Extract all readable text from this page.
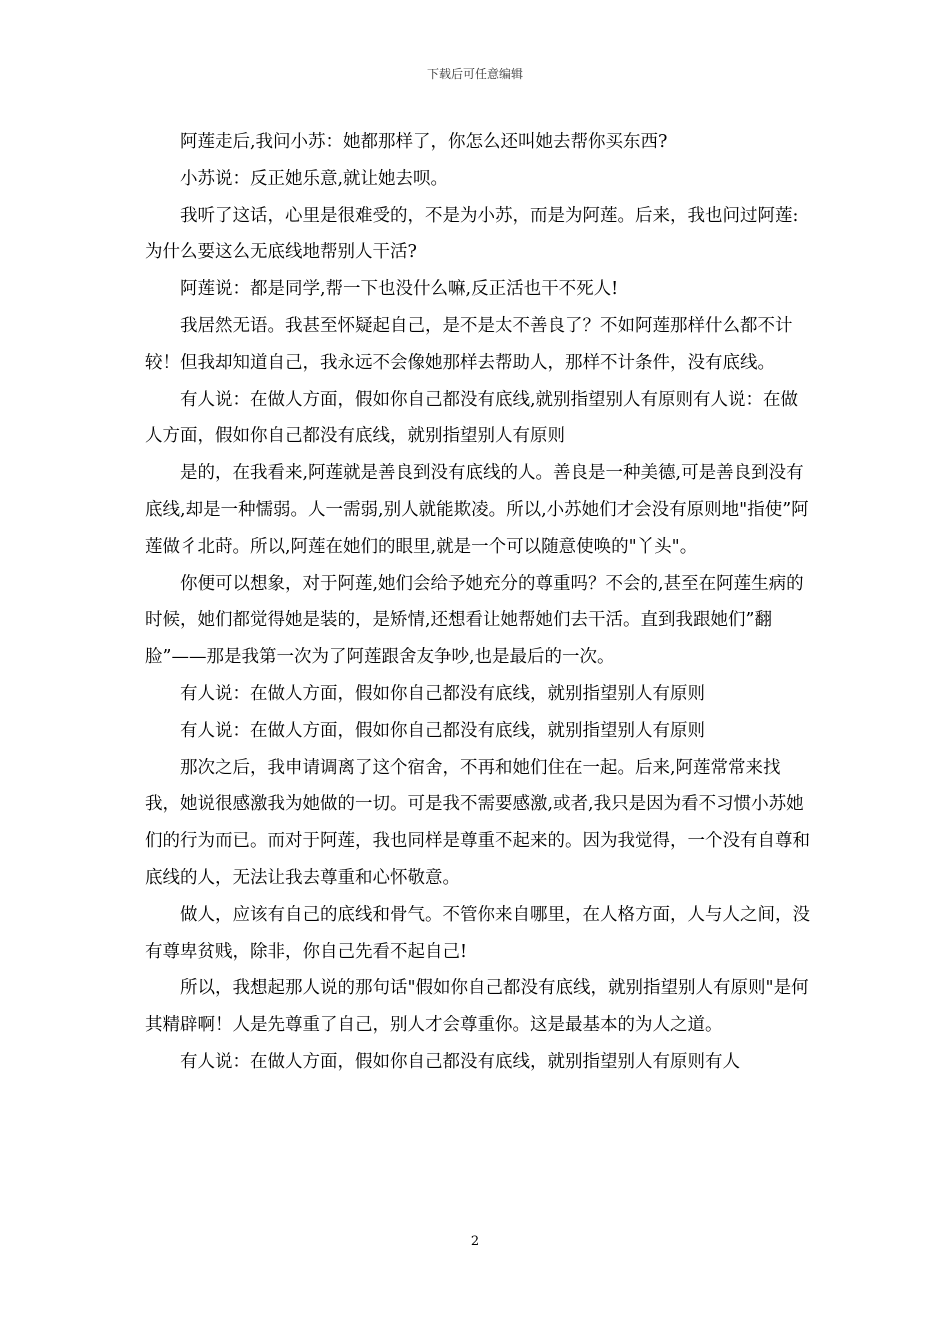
下载后可任意编辑

阿莲走后,我问小苏：她都那样了，你怎么还叫她去帮你买东西?

小苏说：反正她乐意,就让她去呗。

我听了这话，心里是很难受的，不是为小苏，而是为阿莲。后来，我也问过阿莲:为什么要这么无底线地帮别人干活?

阿莲说：都是同学,帮一下也没什么嘛,反正活也干不死人!

我居然无语。我甚至怀疑起自己，是不是太不善良了？不如阿莲那样什么都不计较！但我却知道自己，我永远不会像她那样去帮助人，那样不计条件，没有底线。

有人说：在做人方面，假如你自己都没有底线,就别指望别人有原则有人说：在做人方面，假如你自己都没有底线，就别指望别人有原则

是的，在我看来,阿莲就是善良到没有底线的人。善良是一种美德,可是善良到没有底线,却是一种懦弱。人一需弱,别人就能欺凌。所以,小苏她们才会没有原则地"指使”阿莲做彳北莳。所以,阿莲在她们的眼里,就是一个可以随意使唤的"丫头"。

你便可以想象，对于阿莲,她们会给予她充分的尊重吗？不会的,甚至在阿莲生病的时候，她们都觉得她是装的，是矫情,还想看让她帮她们去干活。直到我跟她们”翻脸”——那是我第一次为了阿莲跟舍友争吵,也是最后的一次。

有人说：在做人方面，假如你自己都没有底线，就别指望别人有原则

有人说：在做人方面，假如你自己都没有底线，就别指望别人有原则

那次之后，我申请调离了这个宿舍，不再和她们住在一起。后来,阿莲常常来找我，她说很感激我为她做的一切。可是我不需要感激,或者,我只是因为看不习惯小苏她们的行为而已。而对于阿莲，我也同样是尊重不起来的。因为我觉得，一个没有自尊和底线的人，无法让我去尊重和心怀敬意。

做人，应该有自己的底线和骨气。不管你来自哪里，在人格方面，人与人之间，没有尊卑贫贱，除非，你自己先看不起自己!

所以，我想起那人说的那句话"假如你自己都没有底线，就别指望别人有原则"是何其精辟啊！人是先尊重了自己，别人才会尊重你。这是最基本的为人之道。

有人说：在做人方面，假如你自己都没有底线，就别指望别人有原则有人

2
